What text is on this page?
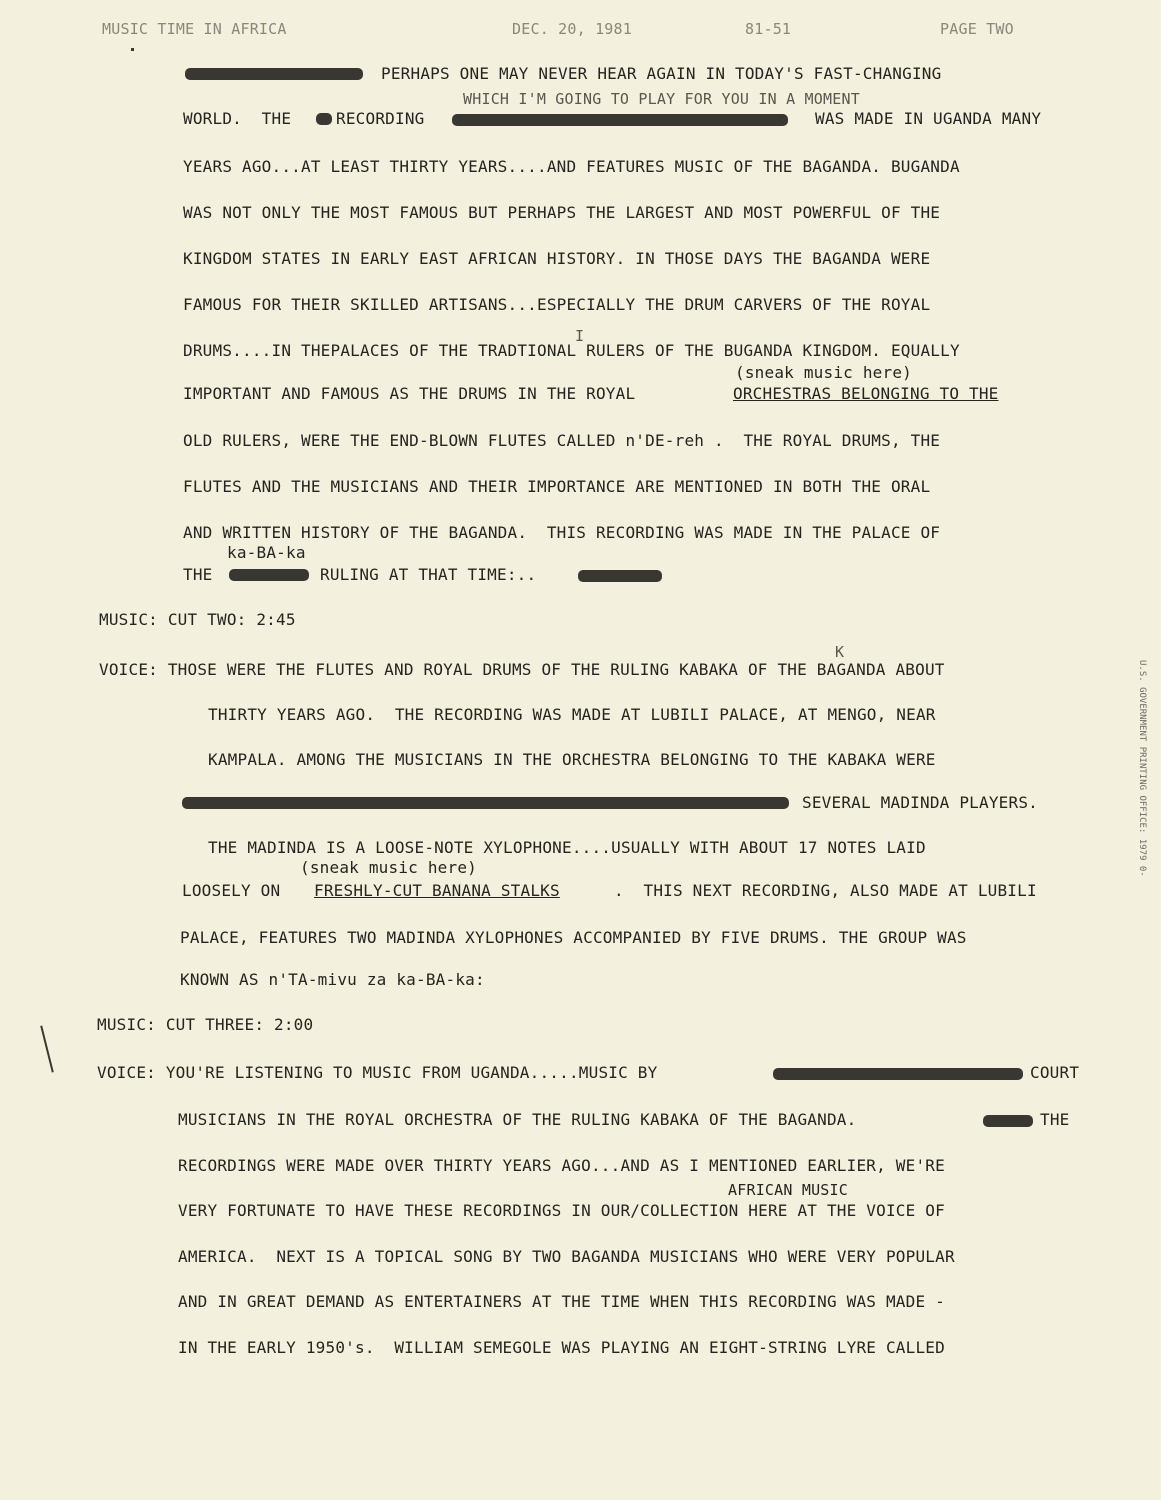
MUSIC TIME IN AFRICA	DEC. 20, 1981	81-51	PAGE TWO
PERHAPS ONE MAY NEVER HEAR AGAIN IN TODAY'S FAST-CHANGING
WHICH I'M GOING TO PLAY FOR YOU IN A MOMENT
WORLD.  THE	RECORDING	WAS MADE IN UGANDA MANY
YEARS AGO...AT LEAST THIRTY YEARS....AND FEATURES MUSIC OF THE BAGANDA. BUGANDA
WAS NOT ONLY THE MOST FAMOUS BUT PERHAPS THE LARGEST AND MOST POWERFUL OF THE
KINGDOM STATES IN EARLY EAST AFRICAN HISTORY. IN THOSE DAYS THE BAGANDA WERE
FAMOUS FOR THEIR SKILLED ARTISANS...ESPECIALLY THE DRUM CARVERS OF THE ROYAL
I
DRUMS....IN THEPALACES OF THE TRADTIONAL RULERS OF THE BUGANDA KINGDOM. EQUALLY
(sneak music here)
IMPORTANT AND FAMOUS AS THE DRUMS IN THE ROYAL	ORCHESTRAS BELONGING TO THE
OLD RULERS, WERE THE END-BLOWN FLUTES CALLED n'DE-reh .  THE ROYAL DRUMS, THE
FLUTES AND THE MUSICIANS AND THEIR IMPORTANCE ARE MENTIONED IN BOTH THE ORAL
AND WRITTEN HISTORY OF THE BAGANDA.  THIS RECORDING WAS MADE IN THE PALACE OF
ka-BA-ka
THE	RULING AT THAT TIME:..
MUSIC: CUT TWO: 2:45
VOICE: THOSE WERE THE FLUTES AND ROYAL DRUMS OF THE RULING KABAKA OF THE BAGANDA ABOUT
K
THIRTY YEARS AGO.  THE RECORDING WAS MADE AT LUBILI PALACE, AT MENGO, NEAR
KAMPALA. AMONG THE MUSICIANS IN THE ORCHESTRA BELONGING TO THE KABAKA WERE
SEVERAL MADINDA PLAYERS.
THE MADINDA IS A LOOSE-NOTE XYLOPHONE....USUALLY WITH ABOUT 17 NOTES LAID
(sneak music here)
LOOSELY ON FRESHLY-CUT BANANA STALKS	.  THIS NEXT RECORDING, ALSO MADE AT LUBILI
PALACE, FEATURES TWO MADINDA XYLOPHONES ACCOMPANIED BY FIVE DRUMS. THE GROUP WAS
KNOWN AS n'TA-mivu za ka-BA-ka:
MUSIC: CUT THREE: 2:00
VOICE: YOU'RE LISTENING TO MUSIC FROM UGANDA.....MUSIC BY	COURT
MUSICIANS IN THE ROYAL ORCHESTRA OF THE RULING KABAKA OF THE BAGANDA.	THE
RECORDINGS WERE MADE OVER THIRTY YEARS AGO...AND AS I MENTIONED EARLIER, WE'RE
AFRICAN MUSIC
VERY FORTUNATE TO HAVE THESE RECORDINGS IN OUR/COLLECTION HERE AT THE VOICE OF
AMERICA.  NEXT IS A TOPICAL SONG BY TWO BAGANDA MUSICIANS WHO WERE VERY POPULAR
AND IN GREAT DEMAND AS ENTERTAINERS AT THE TIME WHEN THIS RECORDING WAS MADE -
IN THE EARLY 1950's.  WILLIAM SEMEGOLE WAS PLAYING AN EIGHT-STRING LYRE CALLED
U.S. GOVERNMENT PRINTING OFFICE: 1979 0-
